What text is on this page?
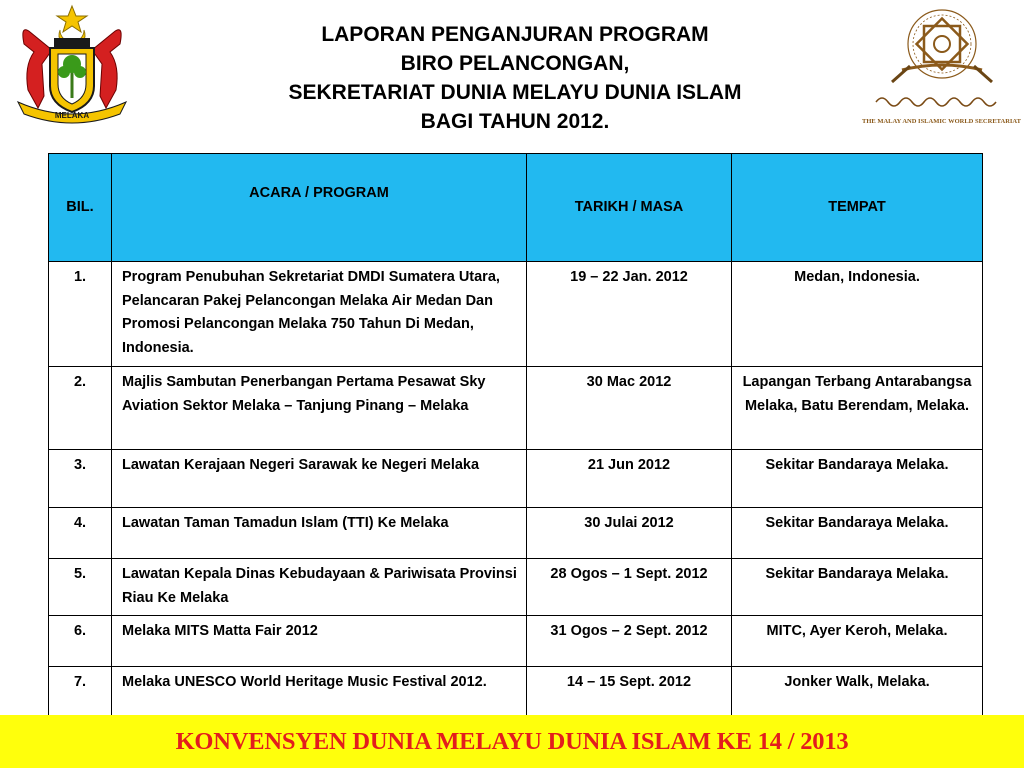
MELAKA
LAPORAN PENGANJURAN PROGRAM
BIRO PELANCONGAN,
SEKRETARIAT DUNIA MELAYU DUNIA ISLAM
BAGI TAHUN 2012.	THE MALAY AND ISLAMIC WORLD SECRETARIAT
BIL.	ACARA / PROGRAM	TARIKH / MASA	TEMPAT
1.	Program Penubuhan Sekretariat DMDI Sumatera Utara, Pelancaran Pakej Pelancongan Melaka Air Medan Dan Promosi Pelancongan Melaka 750 Tahun Di Medan, Indonesia.	19 – 22 Jan. 2012	Medan, Indonesia.
2.	Majlis Sambutan Penerbangan Pertama Pesawat Sky Aviation Sektor Melaka – Tanjung Pinang – Melaka	30 Mac 2012	Lapangan Terbang Antarabangsa Melaka, Batu Berendam, Melaka.
3.	Lawatan Kerajaan Negeri Sarawak ke Negeri Melaka	21 Jun 2012	Sekitar Bandaraya Melaka.
4.	Lawatan Taman Tamadun Islam (TTI) Ke Melaka	30 Julai 2012	Sekitar Bandaraya Melaka.
5.	Lawatan Kepala Dinas Kebudayaan & Pariwisata Provinsi Riau Ke Melaka	28 Ogos – 1 Sept. 2012	Sekitar Bandaraya Melaka.
6.	Melaka MITS Matta Fair 2012	31 Ogos – 2 Sept. 2012	MITC, Ayer Keroh, Melaka.
7.	Melaka UNESCO World Heritage Music Festival 2012.	14 – 15 Sept. 2012	Jonker Walk, Melaka.
KONVENSYEN DUNIA MELAYU DUNIA ISLAM KE 14 / 2013
